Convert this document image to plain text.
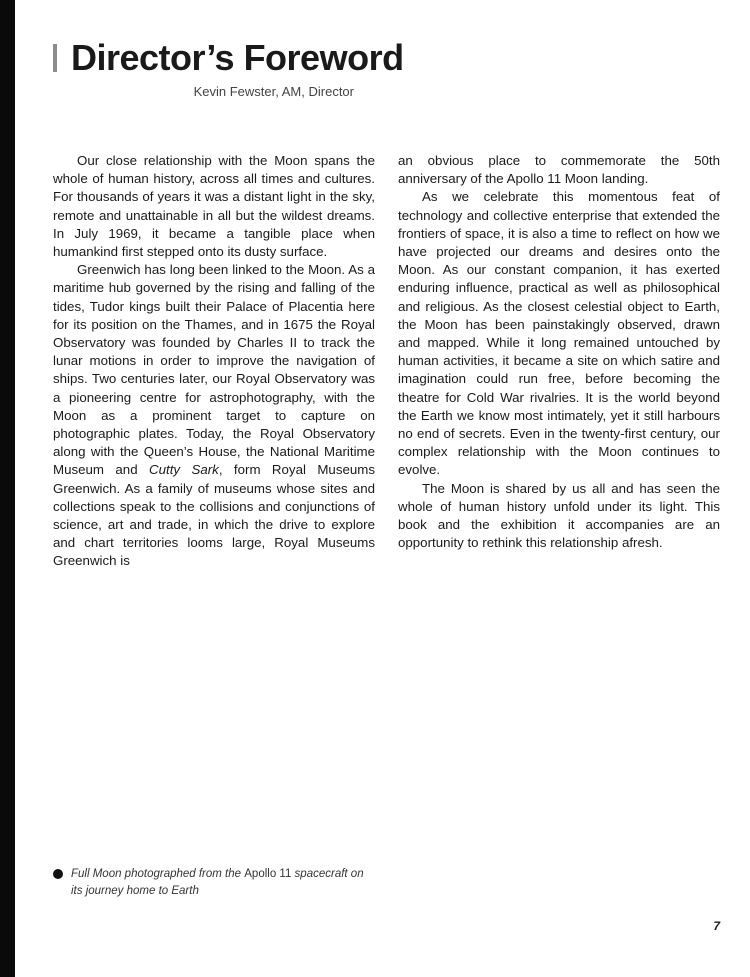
Director’s Foreword
Kevin Fewster, AM, Director

Our close relationship with the Moon spans the whole of human history, across all times and cultures. For thousands of years it was a distant light in the sky, remote and unattainable in all but the wildest dreams. In July 1969, it became a tangible place when humankind first stepped onto its dusty surface.

Greenwich has long been linked to the Moon. As a maritime hub governed by the rising and falling of the tides, Tudor kings built their Palace of Placentia here for its position on the Thames, and in 1675 the Royal Observatory was founded by Charles II to track the lunar motions in order to improve the navigation of ships. Two centuries later, our Royal Observatory was a pioneering centre for astrophotography, with the Moon as a prominent target to capture on photographic plates. Today, the Royal Observatory along with the Queen’s House, the National Maritime Museum and Cutty Sark, form Royal Museums Greenwich. As a family of museums whose sites and collections speak to the collisions and conjunctions of science, art and trade, in which the drive to explore and chart territories looms large, Royal Museums Greenwich is

an obvious place to commemorate the 50th anniversary of the Apollo 11 Moon landing.

As we celebrate this momentous feat of technology and collective enterprise that extended the frontiers of space, it is also a time to reflect on how we have projected our dreams and desires onto the Moon. As our constant companion, it has exerted enduring influence, practical as well as philosophical and religious. As the closest celestial object to Earth, the Moon has been painstakingly observed, drawn and mapped. While it long remained untouched by human activities, it became a site on which satire and imagination could run free, before becoming the theatre for Cold War rivalries. It is the world beyond the Earth we know most intimately, yet it still harbours no end of secrets. Even in the twenty-first century, our complex relationship with the Moon continues to evolve.

The Moon is shared by us all and has seen the whole of human history unfold under its light. This book and the exhibition it accompanies are an opportunity to rethink this relationship afresh.

Full Moon photographed from the Apollo 11 spacecraft on its journey home to Earth
7
